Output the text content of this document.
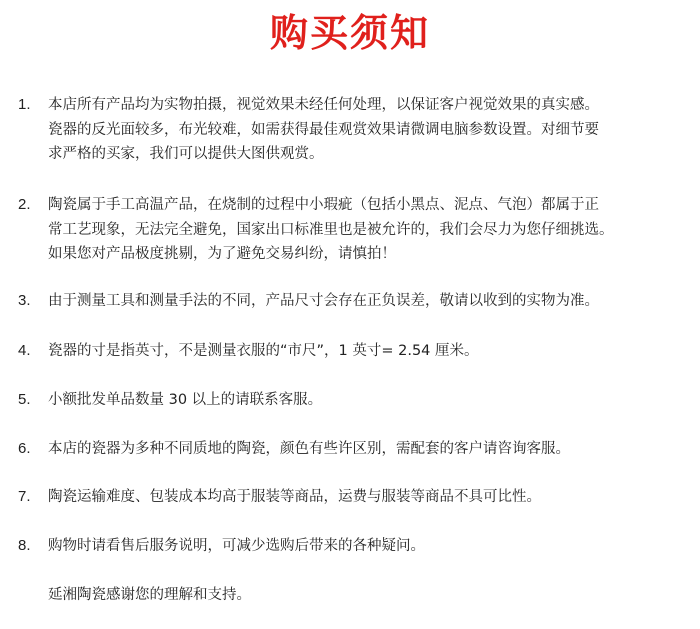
购买须知
1.	本店所有产品均为实物拍摄，视觉效果未经任何处理，以保证客户视觉效果的真实感。
瓷器的反光面较多，布光较难，如需获得最佳观赏效果请微调电脑参数设置。对细节要
求严格的买家，我们可以提供大图供观赏。
2.	陶瓷属于手工高温产品，在烧制的过程中小瑕疵（包括小黑点、泥点、气泡）都属于正
常工艺现象，无法完全避免，国家出口标准里也是被允许的，我们会尽力为您仔细挑选。
如果您对产品极度挑剔，为了避免交易纠纷，请慎拍！
3.	由于测量工具和测量手法的不同，产品尺寸会存在正负误差，敬请以收到的实物为准。
4.	瓷器的寸是指英寸，不是测量衣服的“市尺”，1 英寸= 2.54 厘米。
5.	小额批发单品数量 30 以上的请联系客服。
6.	本店的瓷器为多种不同质地的陶瓷，颜色有些许区别，需配套的客户请咨询客服。
7.	陶瓷运输难度、包装成本均高于服装等商品，运费与服装等商品不具可比性。
8.	购物时请看售后服务说明，可减少选购后带来的各种疑问。
延湘陶瓷感谢您的理解和支持。
